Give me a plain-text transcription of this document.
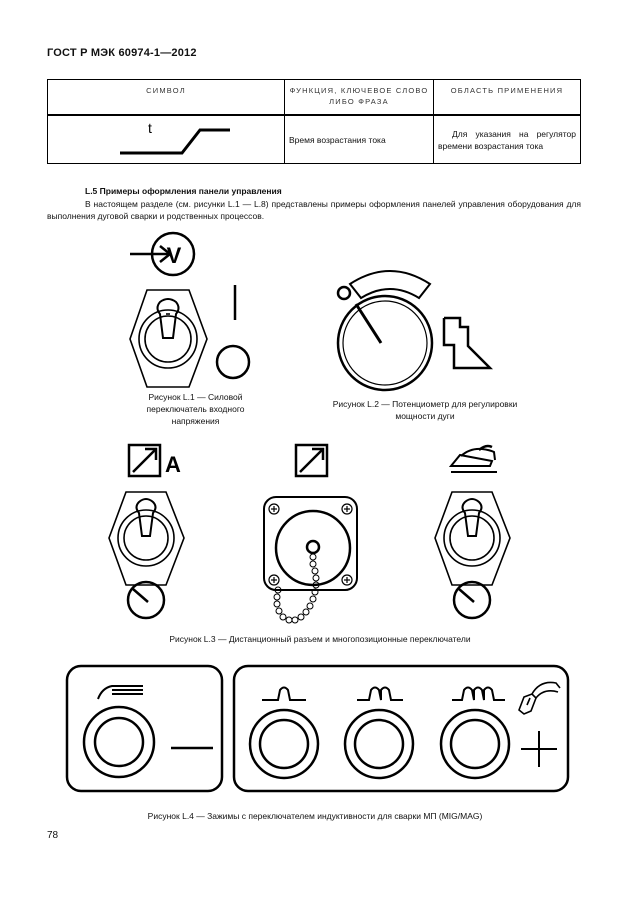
ГОСТ Р МЭК 60974-1—2012
СИМВОЛ	ФУНКЦИЯ, КЛЮЧЕВОЕ СЛОВО ЛИБО ФРАЗА	ОБЛАСТЬ ПРИМЕНЕНИЯ

t	Время возрастания тока	Для указания на регулятор времени возрастания тока
L.5 Примеры оформления панели управления
В настоящем разделе (см. рисунки L.1 — L.8) представлены примеры оформления панелей управления оборудования для выполнения дуговой сварки и родственных процессов.
V
A
Рисунок L.1 — Силовой переключатель входного напряжения
Рисунок L.2 — Потенциометр для регулировки мощности дуги
Рисунок L.3 — Дистанционный разъем и многопозиционные переключатели
Рисунок L.4 — Зажимы с переключателем индуктивности для сварки МП (MIG/MAG)
78
